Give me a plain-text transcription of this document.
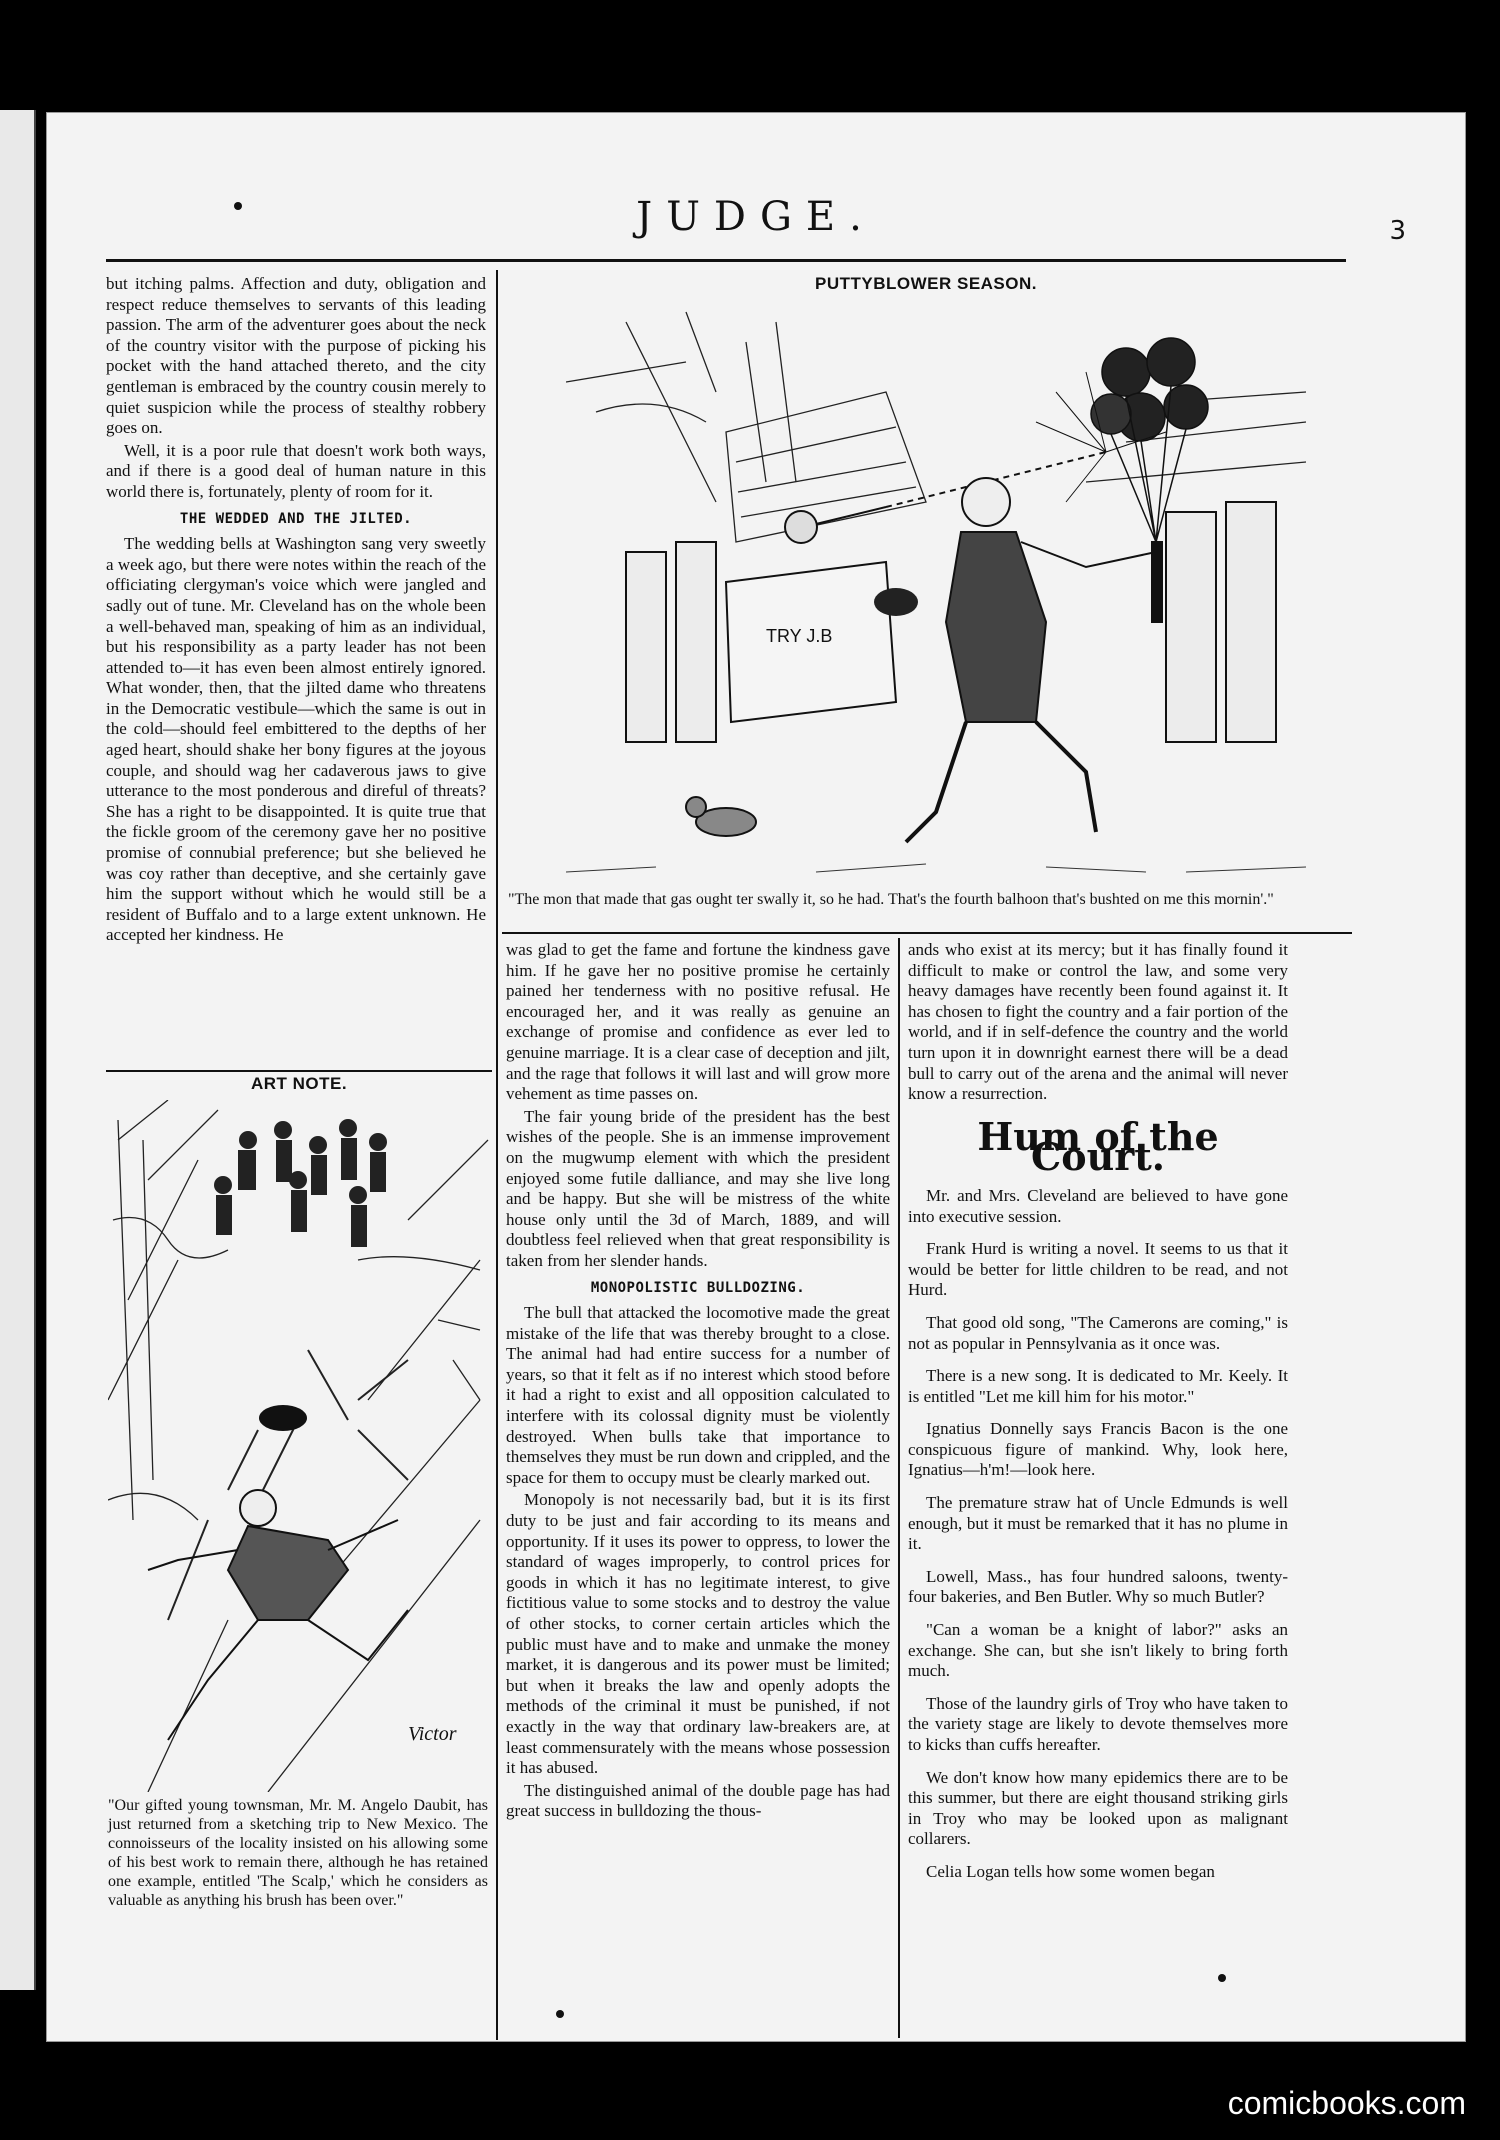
JUDGE.	3

but itching palms. Affection and duty, obligation and respect reduce themselves to servants of this leading passion. The arm of the adventurer goes about the neck of the country visitor with the purpose of picking his pocket with the hand attached thereto, and the city gentleman is embraced by the country cousin merely to quiet suspicion while the process of stealthy robbery goes on.

Well, it is a poor rule that doesn't work both ways, and if there is a good deal of human nature in this world there is, fortunately, plenty of room for it.

THE WEDDED AND THE JILTED.

The wedding bells at Washington sang very sweetly a week ago, but there were notes within the reach of the officiating clergyman's voice which were jangled and sadly out of tune. Mr. Cleveland has on the whole been a well-behaved man, speaking of him as an individual, but his responsibility as a party leader has not been attended to—it has even been almost entirely ignored. What wonder, then, that the jilted dame who threatens in the Democratic vestibule—which the same is out in the cold—should feel embittered to the depths of her aged heart, should shake her bony figures at the joyous couple, and should wag her cadaverous jaws to give utterance to the most ponderous and direful of threats? She has a right to be disappointed. It is quite true that the fickle groom of the ceremony gave her no positive promise of connubial preference; but she believed he was coy rather than deceptive, and she certainly gave him the support without which he would still be a resident of Buffalo and to a large extent unknown. He accepted her kindness. He

ART NOTE.
Victor
"Our gifted young townsman, Mr. M. Angelo Daubit, has just returned from a sketching trip to New Mexico. The connoisseurs of the locality insisted on his allowing some of his best work to remain there, although he has retained one example, entitled 'The Scalp,' which he considers as valuable as anything his brush has been over."
PUTTYBLOWER SEASON.
TRY J.B
"The mon that made that gas ought ter swally it, so he had. That's the fourth balhoon that's bushted on me this mornin'."

was glad to get the fame and fortune the kindness gave him. If he gave her no positive promise he certainly pained her tenderness with no positive refusal. He encouraged her, and it was really as genuine an exchange of promise and confidence as ever led to genuine marriage. It is a clear case of deception and jilt, and the rage that follows it will last and will grow more vehement as time passes on.

The fair young bride of the president has the best wishes of the people. She is an immense improvement on the mugwump element with which the president enjoyed some futile dalliance, and may she live long and be happy. But she will be mistress of the white house only until the 3d of March, 1889, and will doubtless feel relieved when that great responsibility is taken from her slender hands.

MONOPOLISTIC BULLDOZING.

The bull that attacked the locomotive made the great mistake of the life that was thereby brought to a close. The animal had had entire success for a number of years, so that it felt as if no interest which stood before it had a right to exist and all opposition calculated to interfere with its colossal dignity must be violently destroyed. When bulls take that importance to themselves they must be run down and crippled, and the space for them to occupy must be clearly marked out.

Monopoly is not necessarily bad, but it is its first duty to be just and fair according to its means and opportunity. If it uses its power to oppress, to lower the standard of wages improperly, to control prices for goods in which it has no legitimate interest, to give fictitious value to some stocks and to destroy the value of other stocks, to corner certain articles which the public must have and to make and unmake the money market, it is dangerous and its power must be limited; but when it breaks the law and openly adopts the methods of the criminal it must be punished, if not exactly in the way that ordinary law-breakers are, at least commensurately with the means whose possession it has abused.

The distinguished animal of the double page has had great success in bulldozing the thous-

ands who exist at its mercy; but it has finally found it difficult to make or control the law, and some very heavy damages have recently been found against it. It has chosen to fight the country and a fair portion of the world, and if in self-defence the country and the world turn upon it in downright earnest there will be a dead bull to carry out of the arena and the animal will never know a resurrection.

Hum of the Court.
Mr. and Mrs. Cleveland are believed to have gone into executive session.
Frank Hurd is writing a novel. It seems to us that it would be better for little children to be read, and not Hurd.
That good old song, "The Camerons are coming," is not as popular in Pennsylvania as it once was.
There is a new song. It is dedicated to Mr. Keely. It is entitled "Let me kill him for his motor."
Ignatius Donnelly says Francis Bacon is the one conspicuous figure of mankind. Why, look here, Ignatius—h'm!—look here.
The premature straw hat of Uncle Edmunds is well enough, but it must be remarked that it has no plume in it.
Lowell, Mass., has four hundred saloons, twenty-four bakeries, and Ben Butler. Why so much Butler?
"Can a woman be a knight of labor?" asks an exchange. She can, but she isn't likely to bring forth much.
Those of the laundry girls of Troy who have taken to the variety stage are likely to devote themselves more to kicks than cuffs hereafter.
We don't know how many epidemics there are to be this summer, but there are eight thousand striking girls in Troy who may be looked upon as malignant collarers.
Celia Logan tells how some women began
comicbooks.com
